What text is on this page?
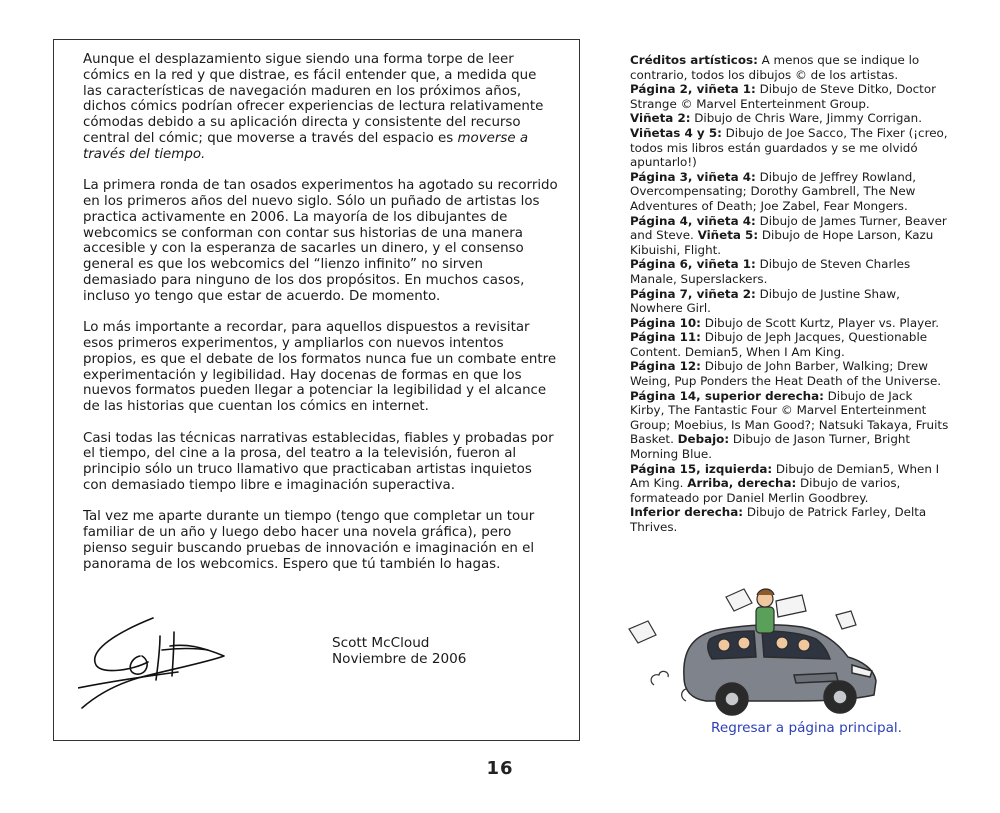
Aunque el desplazamiento sigue siendo una forma torpe de leer cómics en la red y que distrae, es fácil entender que, a medida que las características de navegación maduren en los próximos años, dichos cómics podrían ofrecer experiencias de lectura relativamente cómodas debido a su aplicación directa y consistente del recurso central del cómic; que moverse a través del espacio es moverse a través del tiempo.

La primera ronda de tan osados experimentos ha agotado su recorrido en los primeros años del nuevo siglo. Sólo un puñado de artistas los practica activamente en 2006. La mayoría de los dibujantes de webcomics se conforman con contar sus historias de una manera accesible y con la esperanza de sacarles un dinero, y el consenso general es que los webcomics del “lienzo infinito” no sirven demasiado para ninguno de los dos propósitos. En muchos casos, incluso yo tengo que estar de acuerdo. De momento.

Lo más importante a recordar, para aquellos dispuestos a revisitar esos primeros experimentos, y ampliarlos con nuevos intentos propios, es que el debate de los formatos nunca fue un combate entre experimentación y legibilidad. Hay docenas de formas en que los nuevos formatos pueden llegar a potenciar la legibilidad y el alcance de las historias que cuentan los cómics en internet.

Casi todas las técnicas narrativas establecidas, fiables y probadas por el tiempo, del cine a la prosa, del teatro a la televisión, fueron al principio sólo un truco llamativo que practicaban artistas inquietos con demasiado tiempo libre e imaginación superactiva.

Tal vez me aparte durante un tiempo (tengo que completar un tour familiar de un año y luego debo hacer una novela gráfica), pero pienso seguir buscando pruebas de innovación e imaginación en el panorama de los webcomics. Espero que tú también lo hagas.

Scott McCloud
Noviembre de 2006
Créditos artísticos: A menos que se indique lo contrario, todos los dibujos © de los artistas.
Página 2, viñeta 1: Dibujo de Steve Ditko, Doctor Strange © Marvel Enterteinment Group.
Viñeta 2: Dibujo de Chris Ware, Jimmy Corrigan.
Viñetas 4 y 5: Dibujo de Joe Sacco, The Fixer (¡creo, todos mis libros están guardados y se me olvidó apuntarlo!)
Página 3, viñeta 4: Dibujo de Jeffrey Rowland, Overcompensating; Dorothy Gambrell, The New Adventures of Death; Joe Zabel, Fear Mongers.
Página 4, viñeta 4: Dibujo de James Turner, Beaver and Steve. Viñeta 5: Dibujo de Hope Larson, Kazu Kibuishi, Flight.
Página 6, viñeta 1: Dibujo de Steven Charles Manale, Superslackers.
Página 7, viñeta 2: Dibujo de Justine Shaw, Nowhere Girl.
Página 10: Dibujo de Scott Kurtz, Player vs. Player.
Página 11: Dibujo de Jeph Jacques, Questionable Content. Demian5, When I Am King.
Página 12: Dibujo de John Barber, Walking; Drew Weing, Pup Ponders the Heat Death of the Universe.
Página 14, superior derecha: Dibujo de Jack Kirby, The Fantastic Four © Marvel Enterteinment Group; Moebius, Is Man Good?; Natsuki Takaya, Fruits Basket. Debajo: Dibujo de Jason Turner, Bright Morning Blue.
Página 15, izquierda: Dibujo de Demian5, When I Am King. Arriba, derecha: Dibujo de varios, formateado por Daniel Merlin Goodbrey.
Inferior derecha: Dibujo de Patrick Farley, Delta Thrives.
Regresar a página principal.
16
